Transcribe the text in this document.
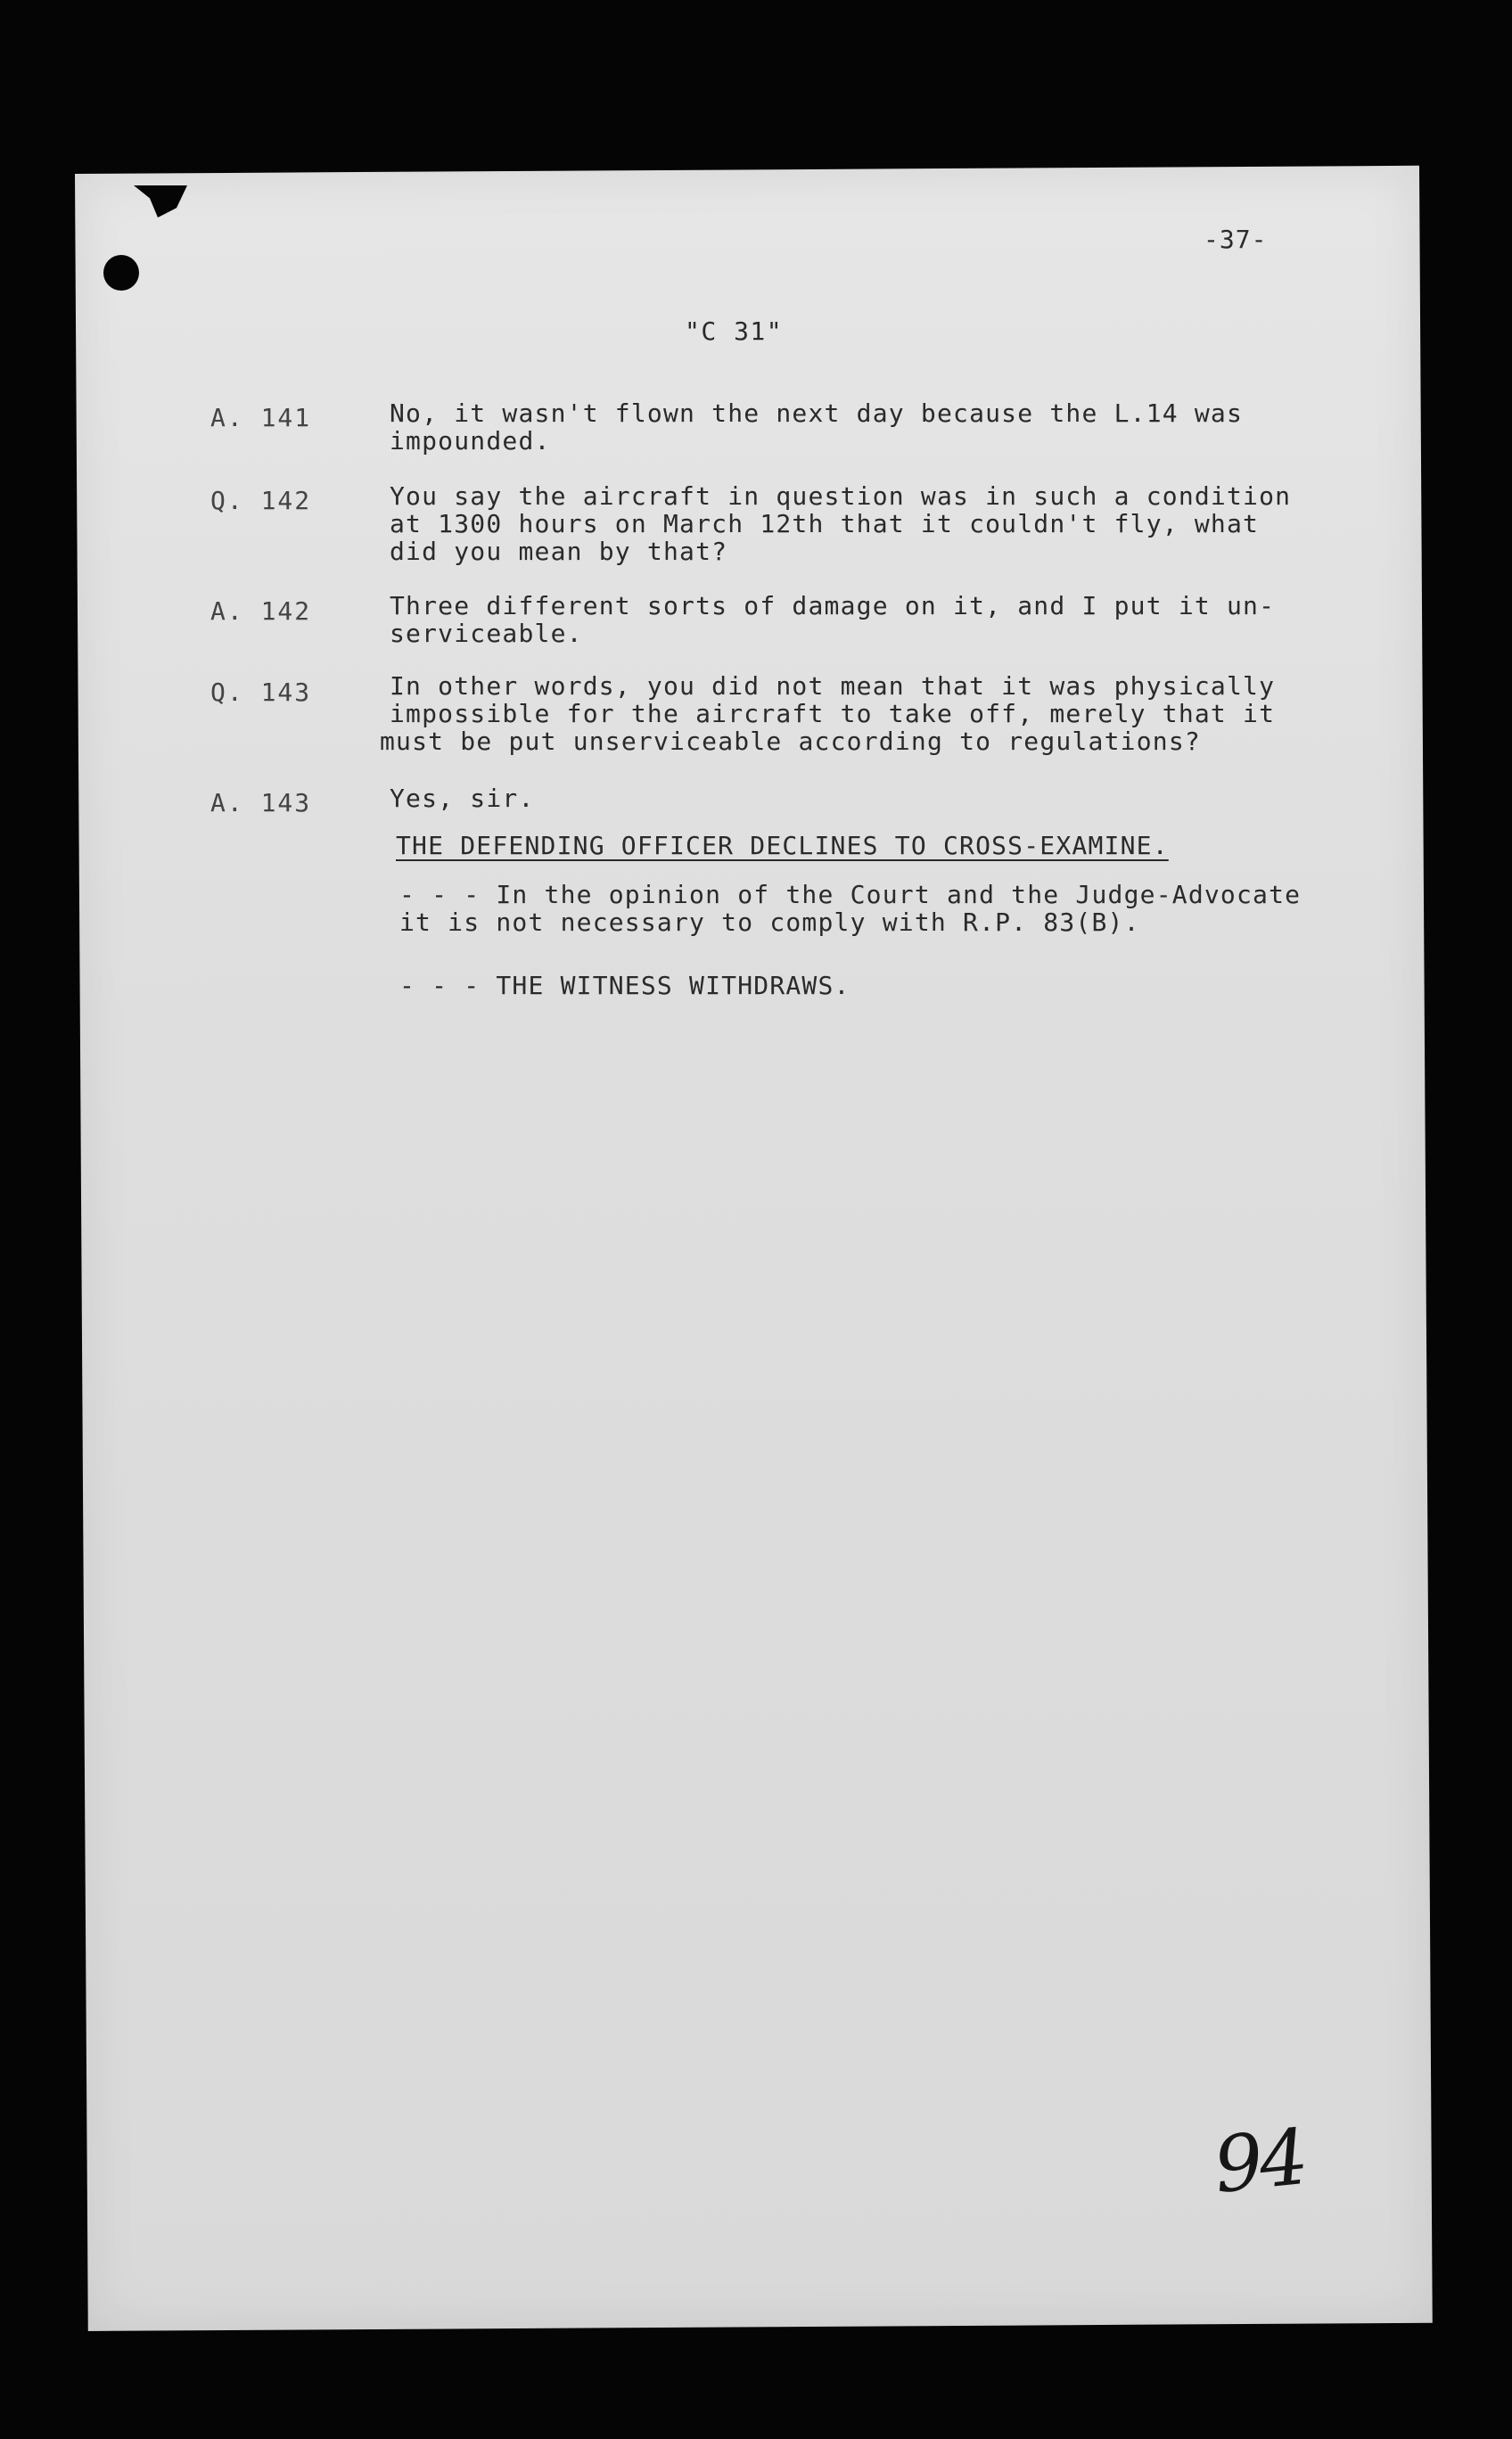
-37-
"C 31"
A. 141	No, it wasn't flown the next day because the L.14 was
impounded.
Q. 142	You say the aircraft in question was in such a condition
at 1300 hours on March 12th that it couldn't fly, what
did you mean by that?
A. 142	Three different sorts of damage on it, and I put it un-
serviceable.
Q. 143	In other words, you did not mean that it was physically
impossible for the aircraft to take off, merely that it
must be put unserviceable according to regulations?
A. 143	Yes, sir.
THE DEFENDING OFFICER DECLINES TO CROSS-EXAMINE.
- - - In the opinion of the Court and the Judge-Advocate
it is not necessary to comply with R.P. 83(B).
- - - THE WITNESS WITHDRAWS.
94
